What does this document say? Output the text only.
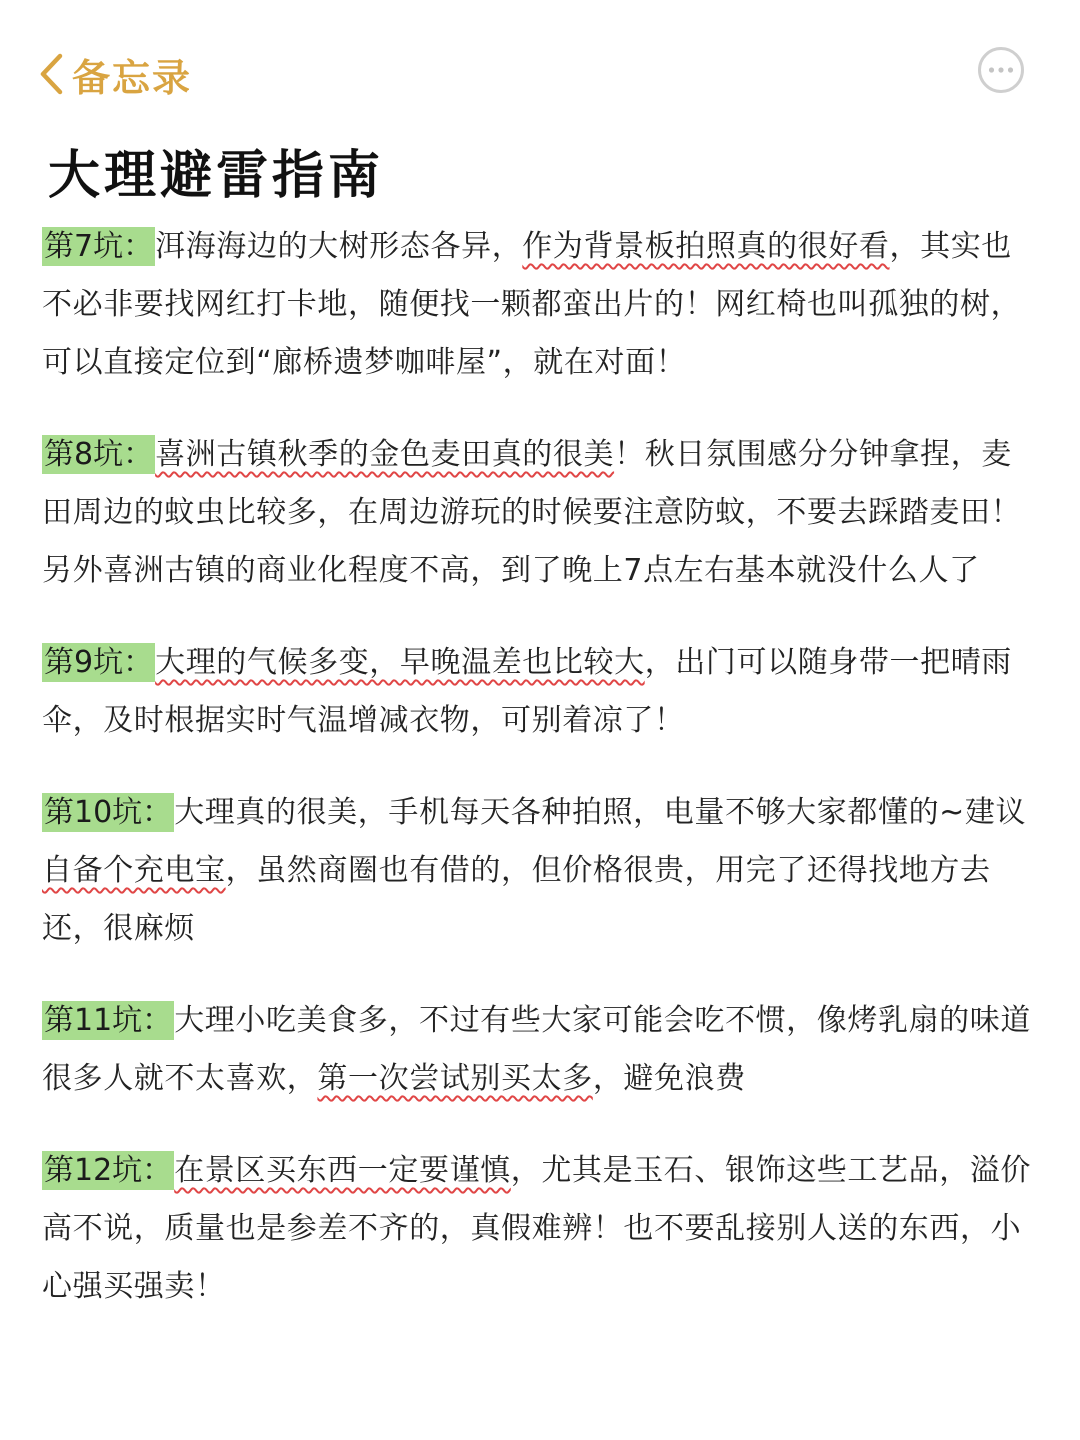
备忘录
大理避雷指南

第7坑：洱海海边的大树形态各异，作为背景板拍照真的很好看，其实也不必非要找网红打卡地，随便找一颗都蛮出片的！网红椅也叫孤独的树，可以直接定位到“廊桥遗梦咖啡屋”，就在对面！

第8坑：喜洲古镇秋季的金色麦田真的很美！秋日氛围感分分钟拿捏，麦田周边的蚊虫比较多，在周边游玩的时候要注意防蚊，不要去踩踏麦田！另外喜洲古镇的商业化程度不高，到了晚上7点左右基本就没什么人了

第9坑：大理的气候多变，早晚温差也比较大，出门可以随身带一把晴雨伞，及时根据实时气温增减衣物，可别着凉了！

第10坑：大理真的很美，手机每天各种拍照，电量不够大家都懂的~建议自备个充电宝，虽然商圈也有借的，但价格很贵，用完了还得找地方去还，很麻烦

第11坑：大理小吃美食多，不过有些大家可能会吃不惯，像烤乳扇的味道很多人就不太喜欢，第一次尝试别买太多，避免浪费

第12坑：在景区买东西一定要谨慎，尤其是玉石、银饰这些工艺品，溢价高不说，质量也是参差不齐的，真假难辨！也不要乱接别人送的东西，小心强买强卖！
